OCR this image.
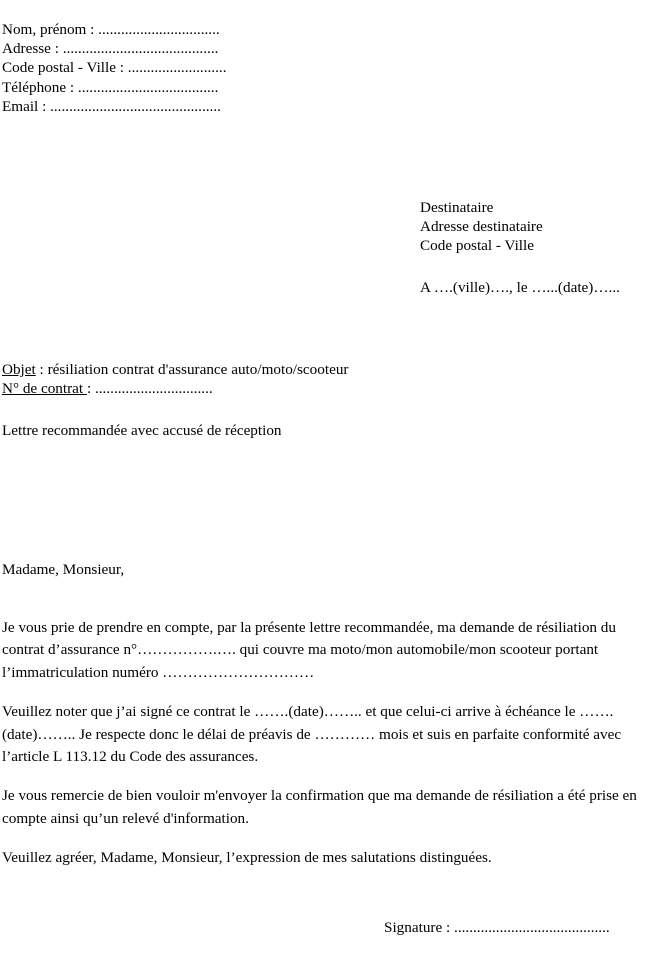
Nom, prénom : ................................
Adresse : .........................................
Code postal - Ville : ..........................
Téléphone : .....................................
Email : .............................................
Destinataire
Adresse destinataire
Code postal - Ville
A ….(ville)…., le …...(date)…...
Objet : résiliation contrat d'assurance auto/moto/scooteur
N° de contrat : ...............................
Lettre recommandée avec accusé de réception
Madame, Monsieur,

Je vous prie de prendre en compte, par la présente lettre recommandée, ma demande de résiliation du contrat d’assurance n°…………….…. qui couvre ma moto/mon automobile/mon scooteur portant l’immatriculation numéro …………………………

Veuillez noter que j’ai signé ce contrat le …….(date)…….. et que celui-ci arrive à échéance le …….(date)…….. Je respecte donc le délai de préavis de ………… mois et suis en parfaite conformité avec l’article L 113.12 du Code des assurances.

Je vous remercie de bien vouloir m'envoyer la confirmation que ma demande de résiliation a été prise en compte ainsi qu’un relevé d'information.

Veuillez agréer, Madame, Monsieur, l’expression de mes salutations distinguées.

Signature : .........................................
